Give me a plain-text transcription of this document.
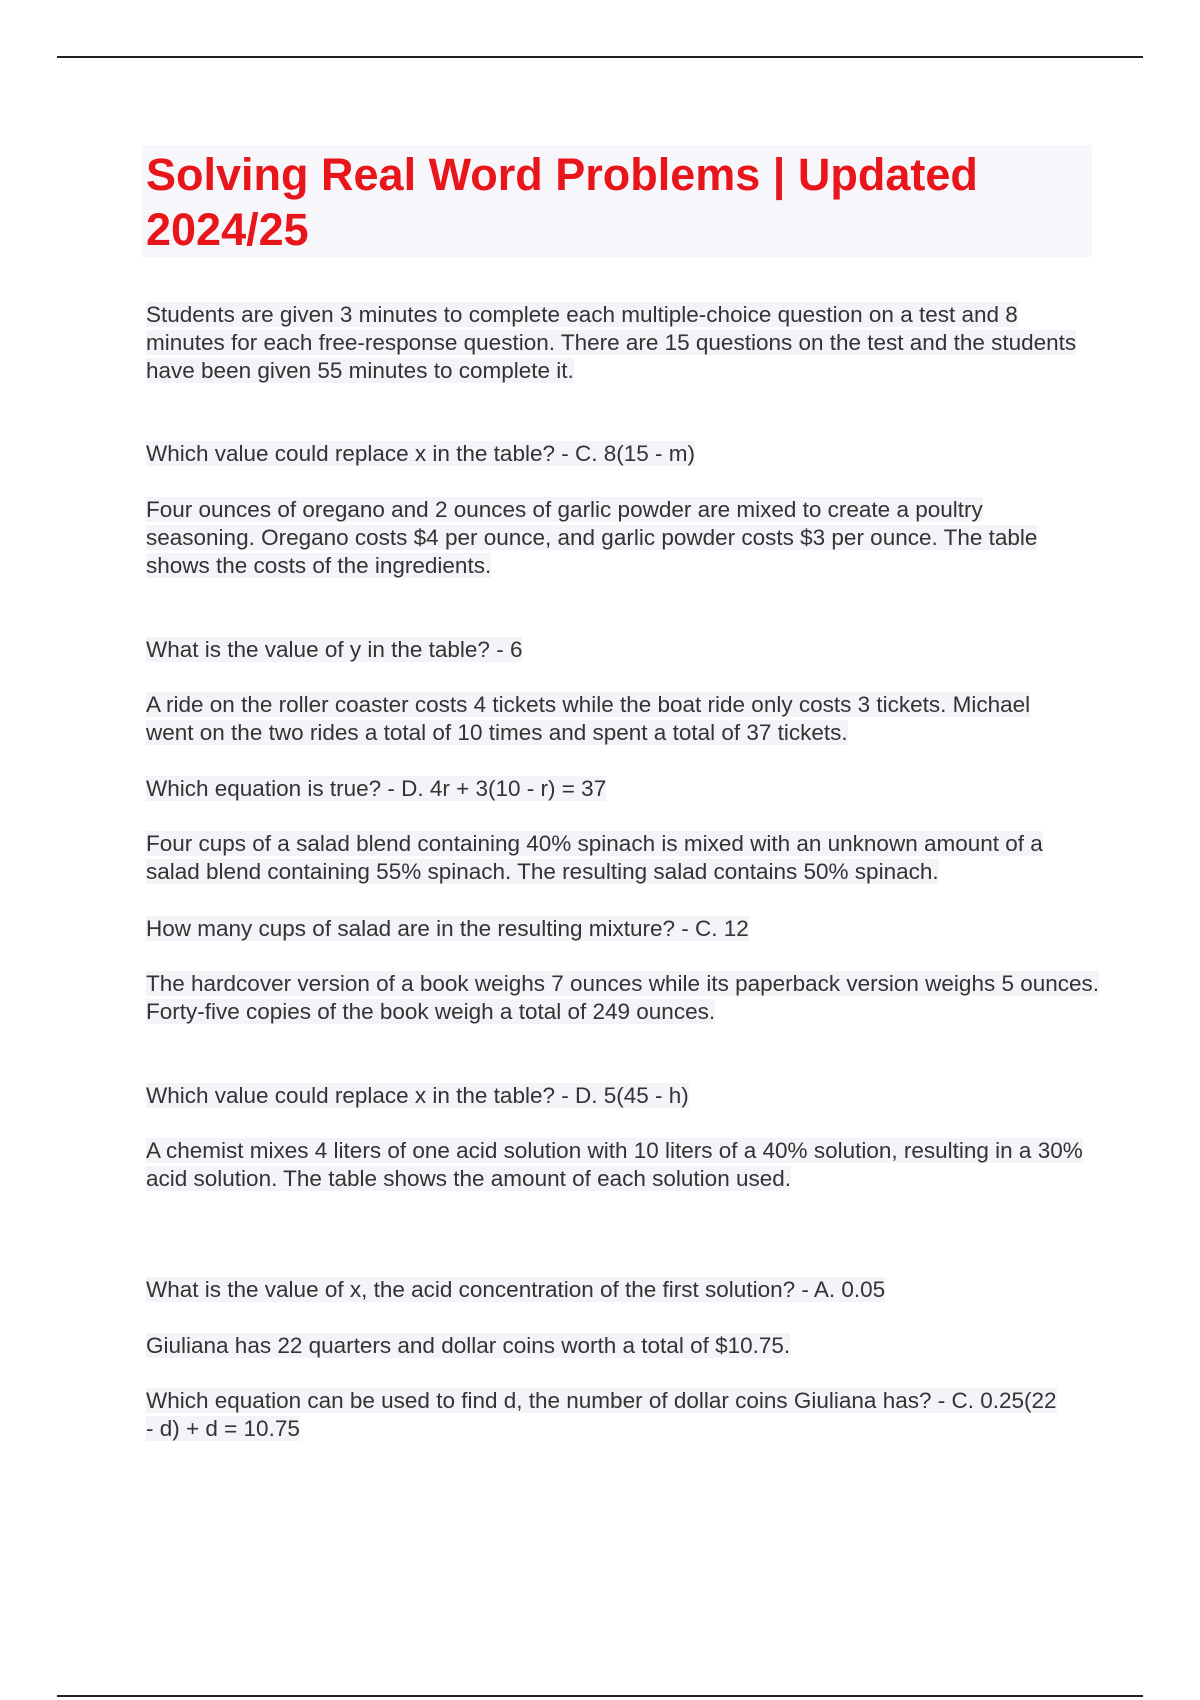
Solving Real Word Problems | Updated 2024/25

Students are given 3 minutes to complete each multiple-choice question on a test and 8 minutes for each free-response question. There are 15 questions on the test and the students have been given 55 minutes to complete it.

Which value could replace x in the table? - C. 8(15 - m)

Four ounces of oregano and 2 ounces of garlic powder are mixed to create a poultry seasoning. Oregano costs $4 per ounce, and garlic powder costs $3 per ounce. The table shows the costs of the ingredients.

What is the value of y in the table? - 6

A ride on the roller coaster costs 4 tickets while the boat ride only costs 3 tickets. Michael went on the two rides a total of 10 times and spent a total of 37 tickets.

Which equation is true? - D. 4r + 3(10 - r) = 37

Four cups of a salad blend containing 40% spinach is mixed with an unknown amount of a salad blend containing 55% spinach. The resulting salad contains 50% spinach.

How many cups of salad are in the resulting mixture? - C. 12

The hardcover version of a book weighs 7 ounces while its paperback version weighs 5 ounces. Forty-five copies of the book weigh a total of 249 ounces.

Which value could replace x in the table? - D. 5(45 - h)

A chemist mixes 4 liters of one acid solution with 10 liters of a 40% solution, resulting in a 30% acid solution. The table shows the amount of each solution used.

What is the value of x, the acid concentration of the first solution? - A. 0.05

Giuliana has 22 quarters and dollar coins worth a total of $10.75.

Which equation can be used to find d, the number of dollar coins Giuliana has? - C. 0.25(22 - d) + d = 10.75
